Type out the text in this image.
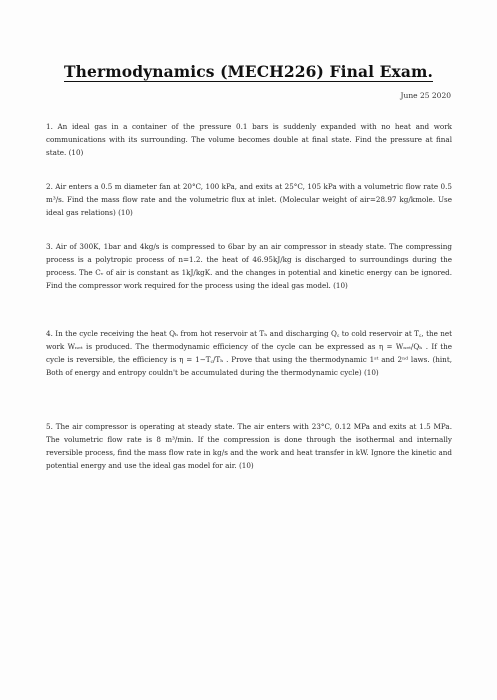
Thermodynamics (MECH226) Final Exam.

June 25 2020

1. An ideal gas in a container of the pressure 0.1 bars is suddenly expanded with no heat and work communications with its surrounding. The volume becomes double at final state. Find the pressure at final state. (10)

2. Air enters a 0.5 m diameter fan at 20°C, 100 kPa, and exits at 25°C, 105 kPa with a volumetric flow rate 0.5 m³/s. Find the mass flow rate and the volumetric flux at inlet. (Molecular weight of air=28.97 kg/kmole. Use ideal gas relations) (10)

3. Air of 300K, 1bar and 4kg/s is compressed to 6bar by an air compressor in steady state. The compressing process is a polytropic process of n=1.2. the heat of 46.95kJ/kg is discharged to surroundings during the process. The Cᵥ of air is constant as 1kJ/kgK. and the changes in potential and kinetic energy can be ignored. Find the compressor work required for the process using the ideal gas model. (10)

4. In the cycle receiving the heat Qₕ from hot reservoir at Tₕ and discharging Q꜀ to cold reservoir at T꜀, the net work Wₙₑₜ is produced. The thermodynamic efficiency of the cycle can be expressed as η = Wₙₑₜ/Qₕ . If the cycle is reversible, the efficiency is η = 1−T꜀/Tₕ . Prove that using the thermodynamic 1ˢᵗ and 2ⁿᵈ laws. (hint, Both of energy and entropy couldn't be accumulated during the thermodynamic cycle) (10)

5. The air compressor is operating at steady state. The air enters with 23°C, 0.12 MPa and exits at 1.5 MPa. The volumetric flow rate is 8 m³/min. If the compression is done through the isothermal and internally reversible process, find the mass flow rate in kg/s and the work and heat transfer in kW. Ignore the kinetic and potential energy and use the ideal gas model for air. (10)
